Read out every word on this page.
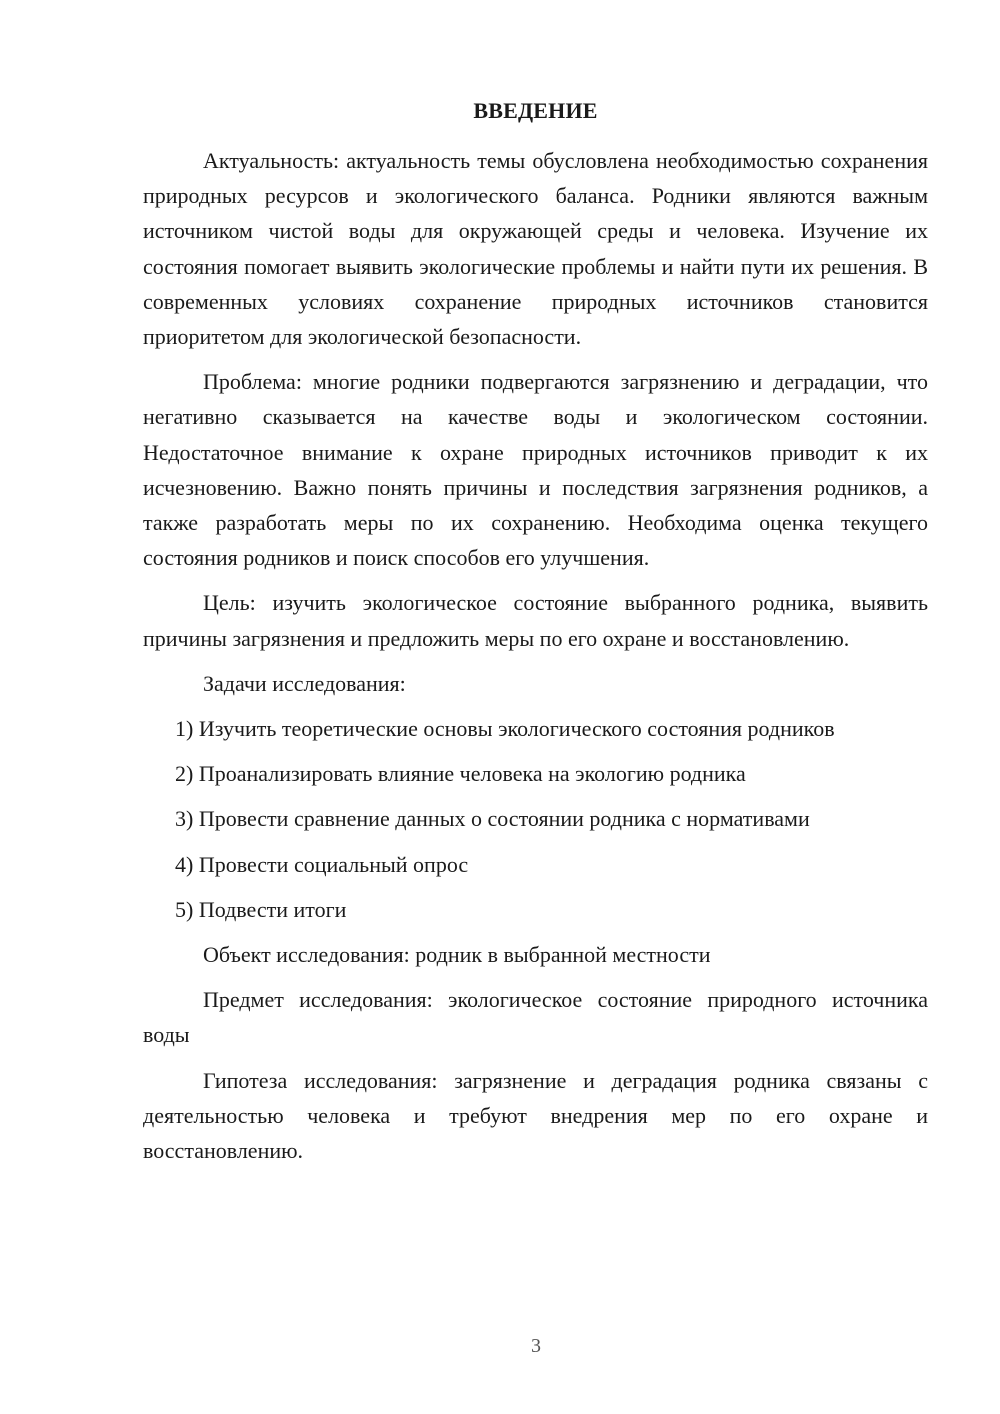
ВВЕДЕНИЕ

Актуальность: актуальность темы обусловлена необходимостью сохранения природных ресурсов и экологического баланса. Родники являются важным источником чистой воды для окружающей среды и человека. Изучение их состояния помогает выявить экологические проблемы и найти пути их решения. В современных условиях сохранение природных источников становится приоритетом для экологической безопасности.

Проблема: многие родники подвергаются загрязнению и деградации, что негативно сказывается на качестве воды и экологическом состоянии. Недостаточное внимание к охране природных источников приводит к их исчезновению. Важно понять причины и последствия загрязнения родников, а также разработать меры по их сохранению. Необходима оценка текущего состояния родников и поиск способов его улучшения.

Цель: изучить экологическое состояние выбранного родника, выявить причины загрязнения и предложить меры по его охране и восстановлению.

Задачи исследования:

1) Изучить теоретические основы экологического состояния родников

2) Проанализировать влияние человека на экологию родника

3) Провести сравнение данных о состоянии родника с нормативами

4) Провести социальный опрос

5) Подвести итоги

Объект исследования: родник в выбранной местности

Предмет исследования: экологическое состояние природного источника воды

Гипотеза исследования: загрязнение и деградация родника связаны с деятельностью человека и требуют внедрения мер по его охране и восстановлению.

3
